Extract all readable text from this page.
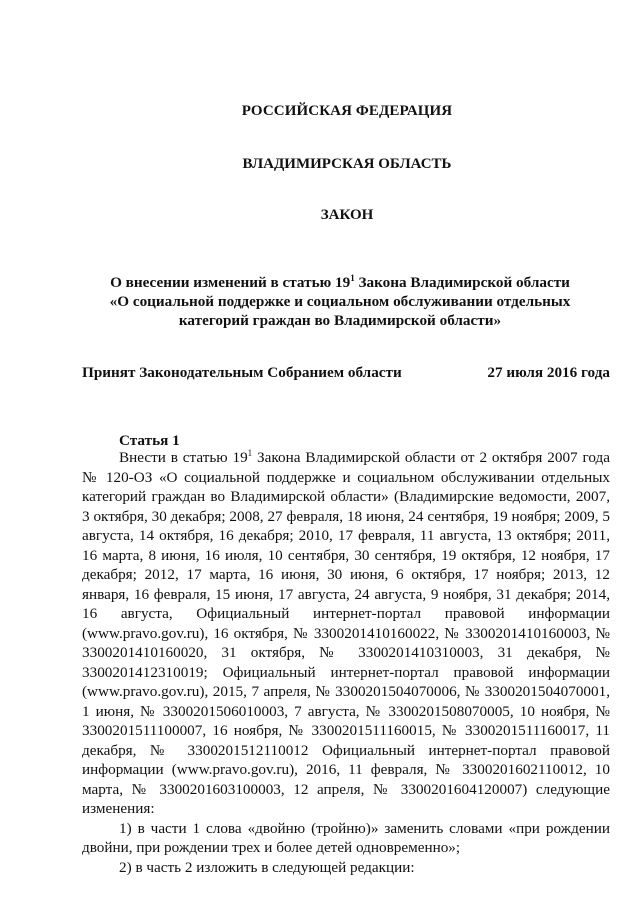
РОССИЙСКАЯ ФЕДЕРАЦИЯ
ВЛАДИМИРСКАЯ ОБЛАСТЬ
ЗАКОН
О внесении изменений в статью $19^1$ Закона Владимирской области
«О социальной поддержке и социальном обслуживании отдельных
категорий граждан во Владимирской области»
Принят Законодательным Собранием области	27 июля 2016 года
Статья 1

Внести в статью $19^1$ Закона Владимирской области от 2 октября 2007 года № 120-ОЗ «О социальной поддержке и социальном обслуживании отдельных категорий граждан во Владимирской области» (Владимирские ведомости, 2007, 3 октября, 30 декабря; 2008, 27 февраля, 18 июня, 24 сентября, 19 ноября; 2009, 5 августа, 14 октября, 16 декабря; 2010, 17 февраля, 11 августа, 13 октября; 2011, 16 марта, 8 июня, 16 июля, 10 сентября, 30 сентября, 19 октября, 12 ноября, 17 декабря; 2012, 17 марта, 16 июня, 30 июня, 6 октября, 17 ноября; 2013, 12 января, 16 февраля, 15 июня, 17 августа, 24 августа, 9 ноября, 31 декабря; 2014, 16 августа, Официальный интернет-портал правовой информации (www.pravo.gov.ru), 16 октября, № 3300201410160022, № 3300201410160003, № 3300201410160020, 31 октября, № 3300201410310003, 31 декабря, № 3300201412310019; Официальный интернет-портал правовой информации (www.pravo.gov.ru), 2015, 7 апреля, № 3300201504070006, № 3300201504070001, 1 июня, № 3300201506010003, 7 августа, № 3300201508070005, 10 ноября, № 3300201511100007, 16 ноября, № 3300201511160015, № 3300201511160017, 11 декабря, № 3300201512110012 Официальный интернет-портал правовой информации (www.pravo.gov.ru), 2016, 11 февраля, № 3300201602110012, 10 марта, № 3300201603100003, 12 апреля, № 3300201604120007) следующие изменения:

1) в части 1 слова «двойню (тройню)» заменить словами «при рождении двойни, при рождении трех и более детей одновременно»;

2) в часть 2 изложить в следующей редакции:
